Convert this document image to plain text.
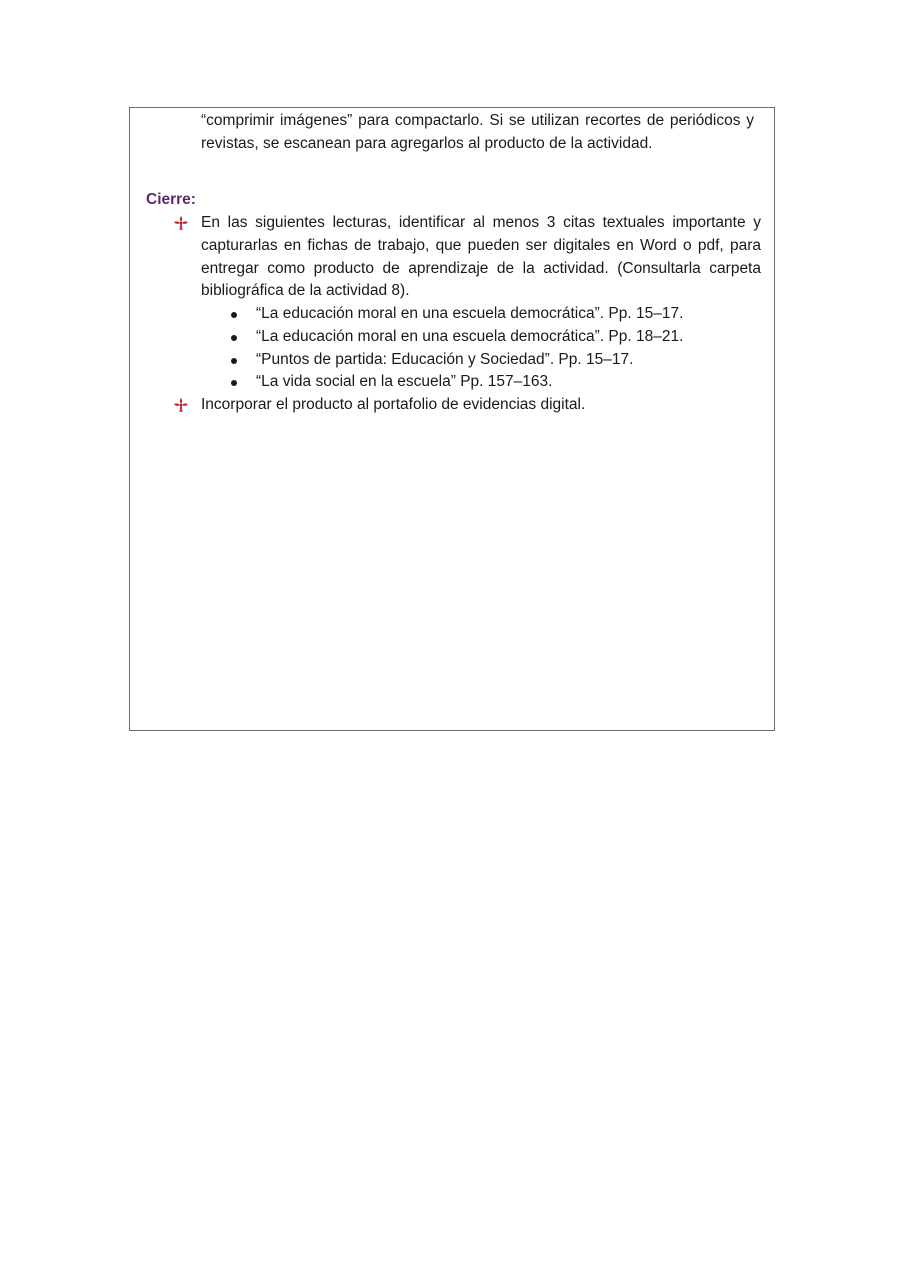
“comprimir imágenes” para compactarlo. Si se utilizan recortes de periódicos y revistas, se escanean para agregarlos al producto de la actividad.
Cierre:
En las siguientes lecturas, identificar al menos 3 citas textuales importante y capturarlas en fichas de trabajo, que pueden ser digitales en Word o pdf, para entregar como producto de aprendizaje de la actividad. (Consultarla carpeta bibliográfica de la actividad 8).
“La educación moral en una escuela democrática”. Pp. 15–17.
“La educación moral en una escuela democrática”. Pp. 18–21.
“Puntos de partida: Educación y Sociedad”. Pp. 15–17.
“La vida social en la escuela” Pp. 157–163.
Incorporar el producto al portafolio de evidencias digital.
